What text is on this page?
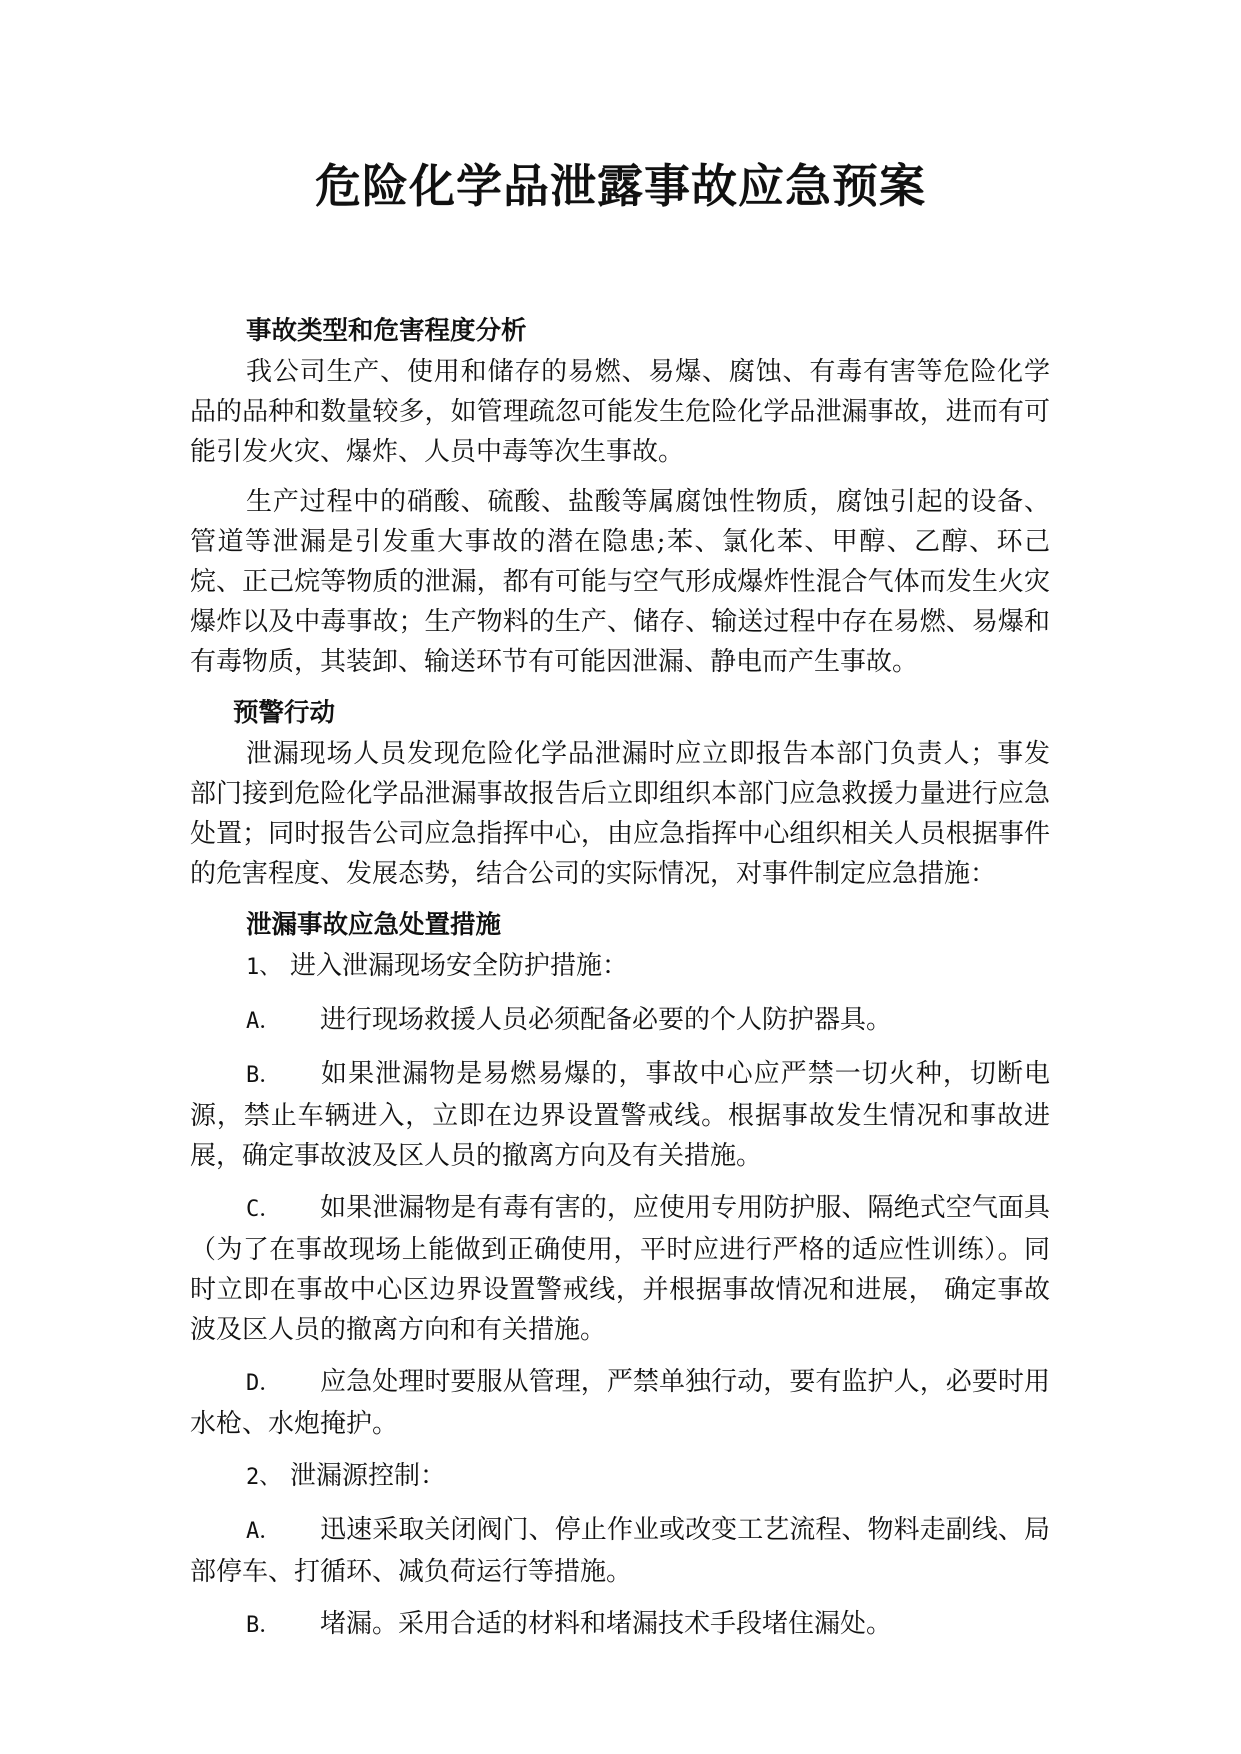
危险化学品泄露事故应急预案

事故类型和危害程度分析

我公司生产、使用和储存的易燃、易爆、腐蚀、有毒有害等危险化学品的品种和数量较多，如管理疏忽可能发生危险化学品泄漏事故，进而有可能引发火灾、爆炸、人员中毒等次生事故。

生产过程中的硝酸、硫酸、盐酸等属腐蚀性物质，腐蚀引起的设备、管道等泄漏是引发重大事故的潜在隐患;苯、氯化苯、甲醇、乙醇、环己烷、正己烷等物质的泄漏，都有可能与空气形成爆炸性混合气体而发生火灾爆炸以及中毒事故；生产物料的生产、储存、输送过程中存在易燃、易爆和有毒物质，其装卸、输送环节有可能因泄漏、静电而产生事故。

预警行动

泄漏现场人员发现危险化学品泄漏时应立即报告本部门负责人；事发部门接到危险化学品泄漏事故报告后立即组织本部门应急救援力量进行应急处置；同时报告公司应急指挥中心，由应急指挥中心组织相关人员根据事件的危害程度、发展态势，结合公司的实际情况，对事件制定应急措施：

泄漏事故应急处置措施

1、 进入泄漏现场安全防护措施：

A． 进行现场救援人员必须配备必要的个人防护器具。

B． 如果泄漏物是易燃易爆的，事故中心应严禁一切火种，切断电源，禁止车辆进入，立即在边界设置警戒线。根据事故发生情况和事故进展，确定事故波及区人员的撤离方向及有关措施。

C． 如果泄漏物是有毒有害的，应使用专用防护服、隔绝式空气面具（为了在事故现场上能做到正确使用，平时应进行严格的适应性训练）。同时立即在事故中心区边界设置警戒线，并根据事故情况和进展， 确定事故波及区人员的撤离方向和有关措施。

D． 应急处理时要服从管理，严禁单独行动，要有监护人，必要时用水枪、水炮掩护。

2、 泄漏源控制：

A． 迅速采取关闭阀门、停止作业或改变工艺流程、物料走副线、局部停车、打循环、减负荷运行等措施。

B． 堵漏。采用合适的材料和堵漏技术手段堵住漏处。
